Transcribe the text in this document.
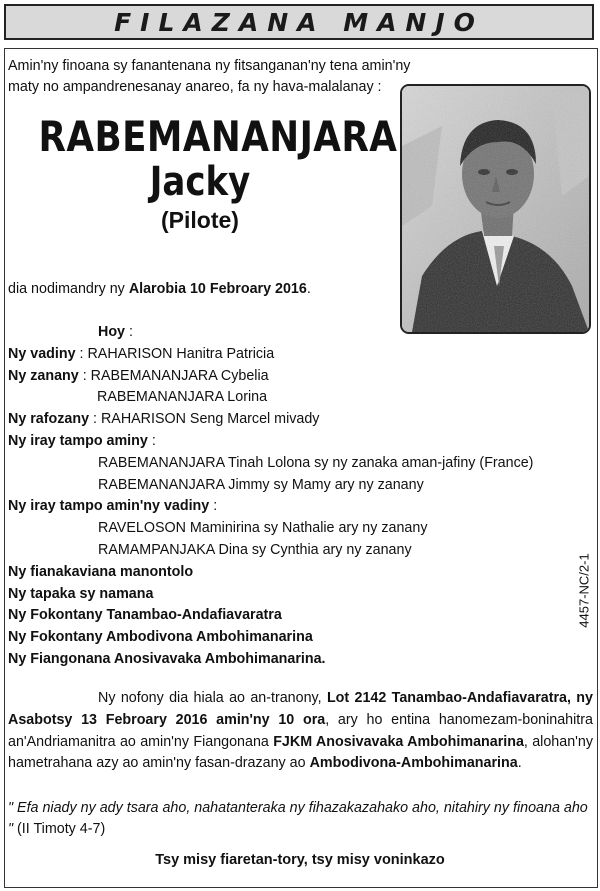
FILAZANA MANJO
Amin'ny finoana sy fanantenana ny fitsanganan'ny tena amin'ny maty no ampandrenesanay anareo, fa ny hava-malalanay :
RABEMANANJARA
Jacky
(Pilote)
dia nodimandry ny Alarobia 10 Febroary 2016.
Hoy :
Ny vadiny : RAHARISON Hanitra Patricia
Ny zanany : RABEMANANJARA Cybelia
RABEMANANJARA Lorina
Ny rafozany : RAHARISON Seng Marcel mivady
Ny iray tampo aminy :
RABEMANANJARA Tinah Lolona sy ny zanaka aman-jafiny (France)
RABEMANANJARA Jimmy sy Mamy ary ny zanany
Ny iray tampo amin'ny vadiny :
RAVELOSON Maminirina sy Nathalie ary ny zanany
RAMAMPANJAKA Dina sy Cynthia ary ny zanany
Ny fianakaviana manontolo
Ny tapaka sy namana
Ny Fokontany Tanambao-Andafiavaratra
Ny Fokontany Ambodivona Ambohimanarina
Ny Fiangonana Anosivavaka Ambohimanarina.
4457-NC/2-1
Ny nofony dia hiala ao an-tranony, Lot 2142 Tanambao-Andafiavaratra, ny Asabotsy 13 Febroary 2016 amin'ny 10 ora, ary ho entina hanomezam-boninahitra an'Andriamanitra ao amin'ny Fiangonana FJKM Anosivavaka Ambohimanarina, alohan'ny hametrahana azy ao amin'ny fasan-drazany ao Ambodivona-Ambohimanarina.
" Efa niady ny ady tsara aho, nahatanteraka ny fihazakazahako aho, nitahiry ny finoana aho " (II Timoty 4-7)
Tsy misy fiaretan-tory, tsy misy voninkazo
